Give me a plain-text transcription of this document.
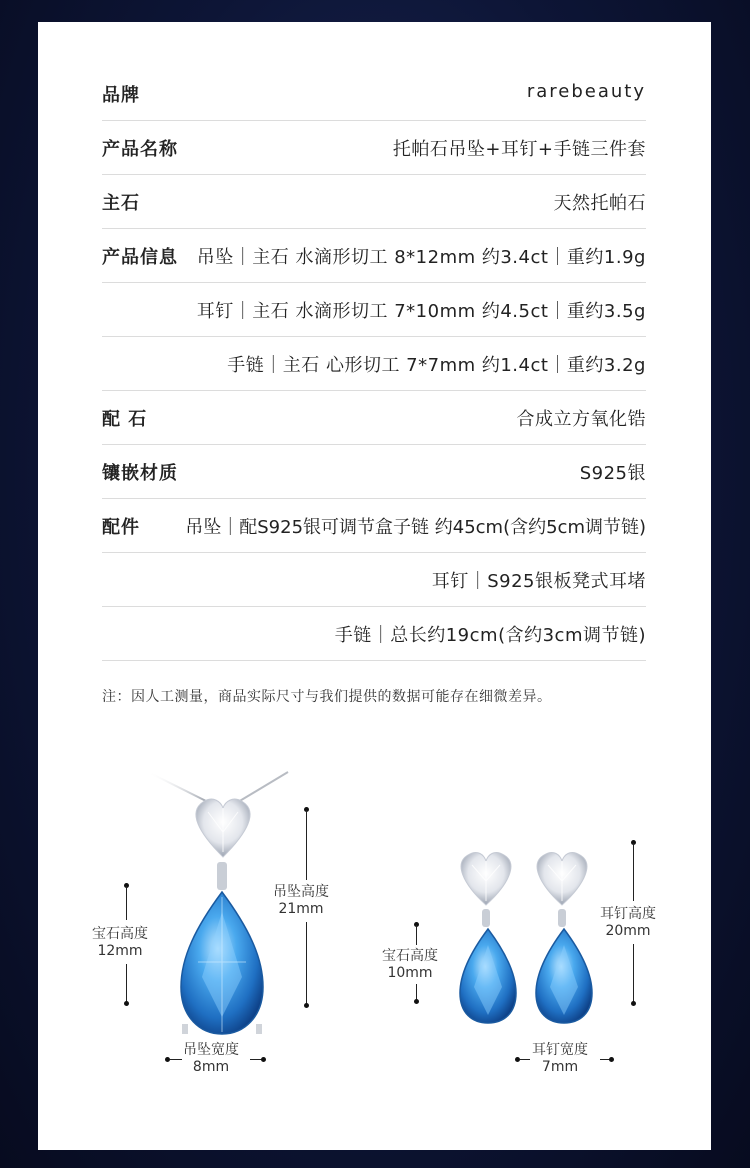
品牌	rarebeauty
产品名称	托帕石吊坠+耳钉+手链三件套
主石	天然托帕石
产品信息 吊坠｜主石 水滴形切工 8*12mm 约3.4ct｜重约1.9g
耳钉｜主石 水滴形切工 7*10mm 约4.5ct｜重约3.5g
手链｜主石 心形切工 7*7mm 约1.4ct｜重约3.2g
配 石	合成立方氧化锆
镶嵌材质	S925银
配件	吊坠｜配S925银可调节盒子链 约45cm(含约5cm调节链)
耳钉｜S925银板凳式耳堵
手链｜总长约19cm(含约3cm调节链)
注：因人工测量，商品实际尺寸与我们提供的数据可能存在细微差异。
宝石高度
12mm
吊坠高度
21mm
吊坠宽度
8mm
宝石高度
10mm
耳钉高度
20mm
耳钉宽度
7mm
